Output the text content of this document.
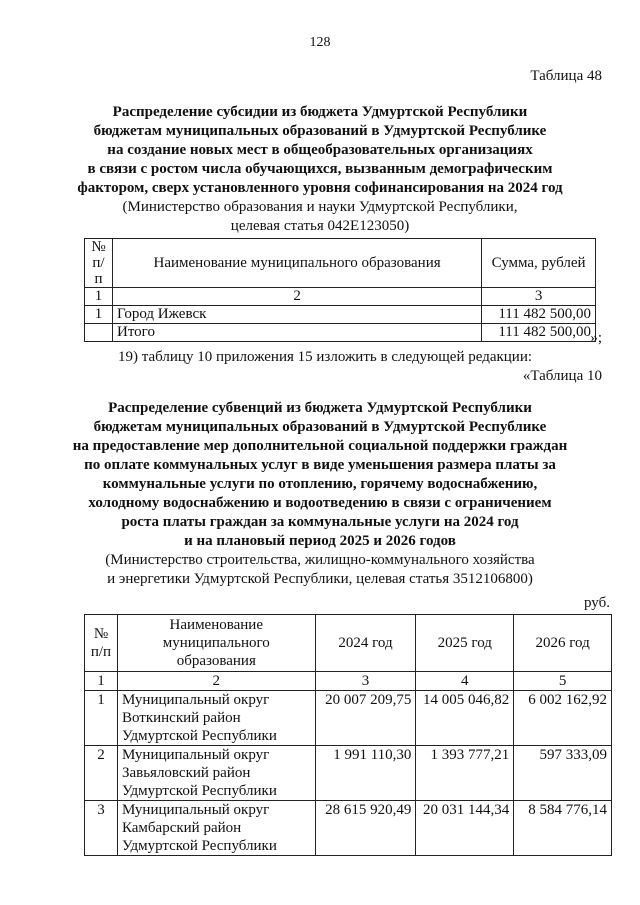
128
Таблица 48
Распределение субсидии из бюджета Удмуртской Республики
бюджетам муниципальных образований в Удмуртской Республике
на создание новых мест в общеобразовательных организациях
в связи с ростом числа обучающихся, вызванным демографическим
фактором, сверх установленного уровня софинансирования на 2024 год
(Министерство образования и науки Удмуртской Республики,
целевая статья 042Е123050)
№ п/п	Наименование муниципального образования	Сумма, рублей
1	2	3
1	Город Ижевск	111 482 500,00
	Итого	111 482 500,00 »;
19) таблицу 10 приложения 15 изложить в следующей редакции:
«Таблица 10
Распределение субвенций из бюджета Удмуртской Республики
бюджетам муниципальных образований в Удмуртской Республике
на предоставление мер дополнительной социальной поддержки граждан
по оплате коммунальных услуг в виде уменьшения размера платы за
коммунальные услуги по отоплению, горячему водоснабжению,
холодному водоснабжению и водоотведению в связи с ограничением
роста платы граждан за коммунальные услуги на 2024 год
и на плановый период 2025 и 2026 годов
(Министерство строительства, жилищно-коммунального хозяйства
и энергетики Удмуртской Республики, целевая статья 3512106800)
руб.
№ п/п	Наименование муниципального образования	2024 год	2025 год	2026 год
1	2	3	4	5
1	Муниципальный округ
Воткинский район
Удмуртской Республики	20 007 209,75	14 005 046,82	6 002 162,92
2	Муниципальный округ
Завьяловский район
Удмуртской Республики	1 991 110,30	1 393 777,21	597 333,09
3	Муниципальный округ
Камбарский район
Удмуртской Республики	28 615 920,49	20 031 144,34	8 584 776,14
